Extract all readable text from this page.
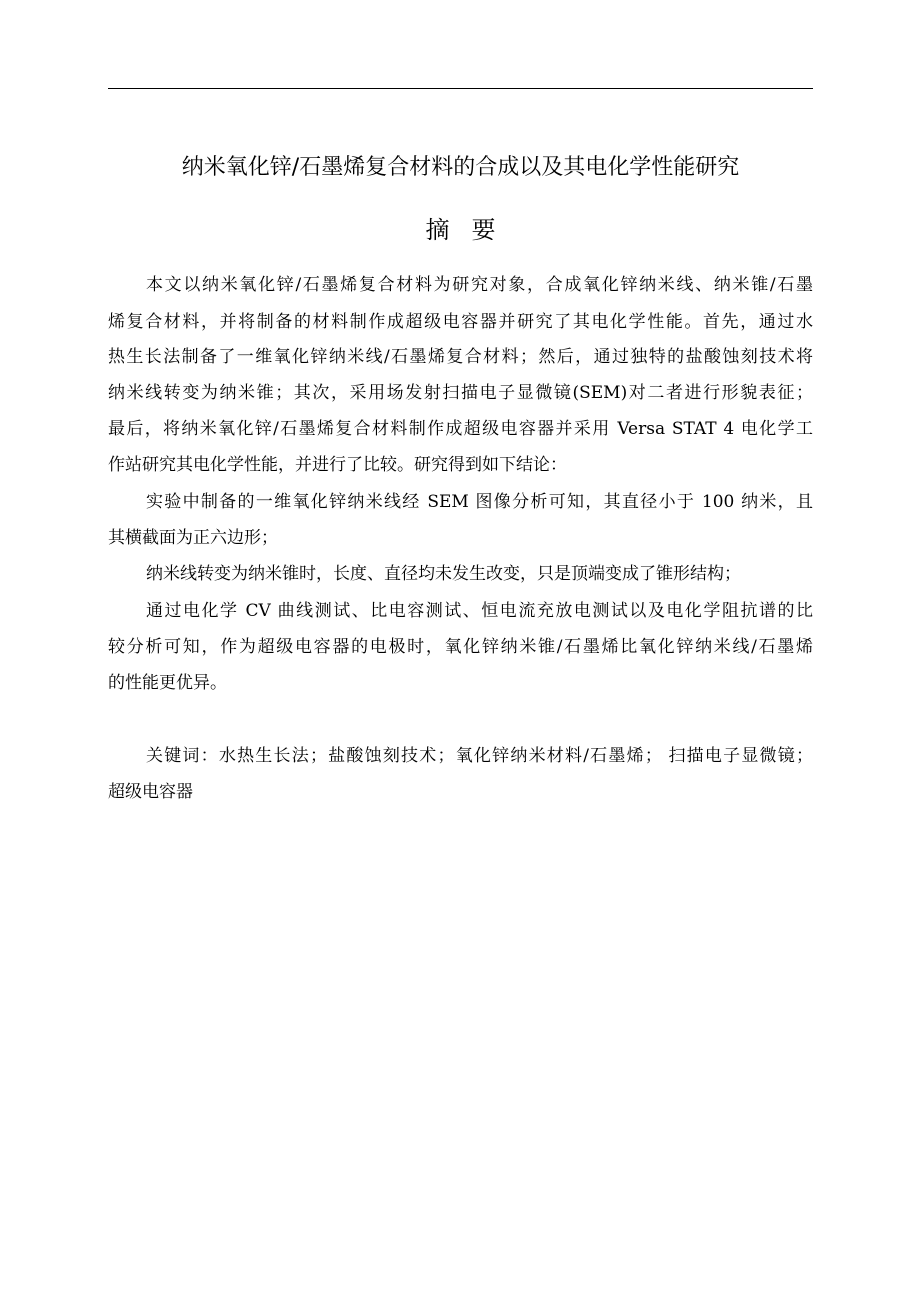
纳米氧化锌/石墨烯复合材料的合成以及其电化学性能研究
摘要
本文以纳米氧化锌/石墨烯复合材料为研究对象，合成氧化锌纳米线、纳米锥/石墨
烯复合材料，并将制备的材料制作成超级电容器并研究了其电化学性能。首先，通过水
热生长法制备了一维氧化锌纳米线/石墨烯复合材料；然后，通过独特的盐酸蚀刻技术将
纳米线转变为纳米锥；其次，采用场发射扫描电子显微镜(SEM)对二者进行形貌表征；
最后，将纳米氧化锌/石墨烯复合材料制作成超级电容器并采用 Versa STAT 4 电化学工
作站研究其电化学性能，并进行了比较。研究得到如下结论：
实验中制备的一维氧化锌纳米线经 SEM 图像分析可知，其直径小于 100 纳米，且
其横截面为正六边形；
纳米线转变为纳米锥时，长度、直径均未发生改变，只是顶端变成了锥形结构；
通过电化学 CV 曲线测试、比电容测试、恒电流充放电测试以及电化学阻抗谱的比
较分析可知，作为超级电容器的电极时，氧化锌纳米锥/石墨烯比氧化锌纳米线/石墨烯
的性能更优异。
关键词：水热生长法；盐酸蚀刻技术；氧化锌纳米材料/石墨烯； 扫描电子显微镜；
超级电容器
